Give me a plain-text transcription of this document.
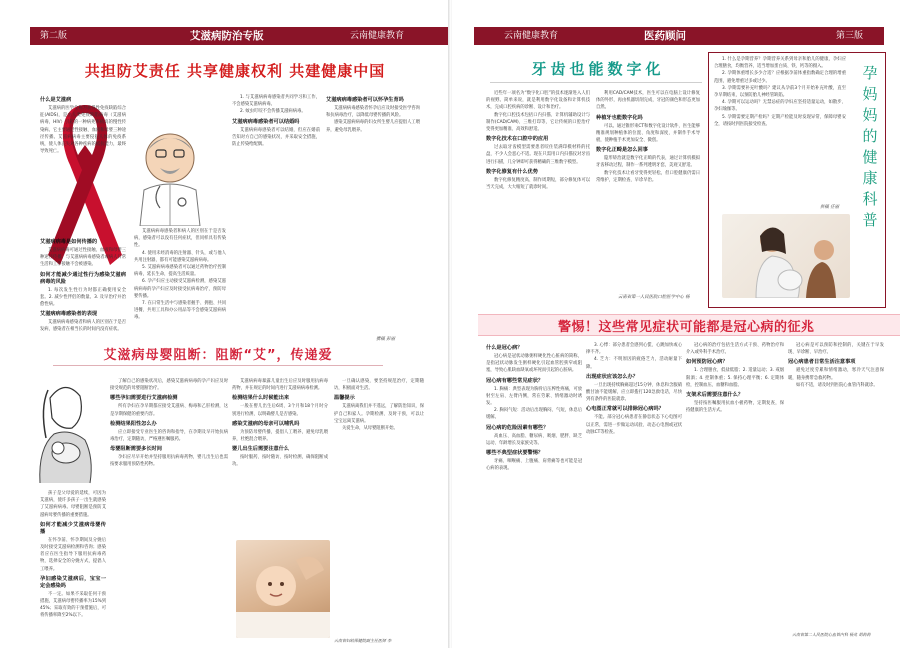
第二版	艾滋病防治专版	云南健康教育
共担防艾责任 共享健康权利 共建健康中国
什么是艾滋病

艾滋病的医学全称为获得性免疫缺陷综合征(AIDS)，是由人类免疫缺陷病毒（艾滋病病毒，HIV）引起的一种病死率极高的慢性传染病。它主要通过性接触、血液和母婴三种途径传播。艾滋病病毒主要侵犯人体的免疫系统，使人体丧失对各种疾病的抵抗能力，最终导致死亡。

艾滋病病毒是如何传播的

艾滋病病毒可通过性接触、血液和母婴三种途径传播。与艾滋病病毒感染者或病人日常生活和工作接触不会被感染。

如何才能减少通过性行为感染艾滋病病毒的风险

1. 每次发生性行为时都正确使用安全套。2. 减少性伴侣的数量。3. 及早治疗并治愈性病。

艾滋病病毒感染者的表现

艾滋病病毒感染者和病人的区别在于是否发病，感染者在相当长的时间内没有症状。

艾滋病病毒感染者和病人的区别在于是否发病，感染者可以没有任何症状，但同样具有传染性。

4. 使用未经消毒的注射器、针头，或与他人共用注射器，都有可能感染艾滋病病毒。

5. 艾滋病病毒感染者可以通过药物治疗控制病毒，延长生命，提高生活质量。

6. 孕产妇应主动接受艾滋病检测，感染艾滋病病毒的孕产妇应及时接受抗病毒治疗，预防母婴传播。

7. 在日常生活中与感染者握手、拥抱、共同进餐、共用工具和办公用品等不会感染艾滋病病毒。

1. 与艾滋病病毒感染者共同学习和工作，不会感染艾滋病病毒。

2. 蚊虫叮咬不会传播艾滋病病毒。

艾滋病病毒感染者可以结婚吗

艾滋病病毒感染者可以结婚，但应在婚前告知对方自己的感染状况，并采取安全措施，防止传染给配偶。

艾滋病病毒感染者可以怀孕生育吗

艾滋病病毒感染者怀孕后应及时接受医学咨询和抗病毒治疗，以降低母婴传播的风险。

感染艾滋病病毒的妇女所生婴儿应提倡人工喂养，避免母乳喂养。

撰稿 彭丽
艾滋病母婴阻断：阻断“艾”，传递爱

孩子是父母爱的延续，可因为艾滋病，使许多孩子一出生就感染了艾滋病病毒。母婴阻断是预防艾滋病母婴传播的重要措施。

如何才能减少艾滋病母婴传播

在怀孕前、怀孕期间及分娩后及时接受艾滋病检测和咨询；感染者应在医生指导下服用抗病毒药物，选择安全的分娩方式，提倡人工喂养。

孕妇感染艾滋病后，宝宝一定会感染吗

不一定。如果不采取任何干预措施，艾滋病母婴传播率为15%到45%；采取有效的干预措施后，可将传播率降至2%以下。

了解自己的感染状况后，感染艾滋病病毒的孕产妇应及时接受规范的母婴阻断治疗。

哪些孕妇需要进行艾滋病检测

所有孕妇在孕早期都应接受艾滋病、梅毒和乙肝检测，这是孕期保健的重要内容。

检测结果阳性怎么办

应立即接受专业医生的咨询和指导，在孕期及早开始抗病毒治疗，定期随访，严格遵医嘱服药。

母婴阻断需要多长时间

孕妇应尽早开始并坚持服用抗病毒药物，婴儿出生后也需按要求服用预防性药物。

艾滋病病毒暴露儿童出生后应及时服用抗病毒药物，并在规定的时间内进行艾滋病病毒检测。

检测结果什么时候能出来

一般在婴儿出生后6周、3个月和18个月时分别进行检测，以明确婴儿是否感染。

感染艾滋病的母亲可以哺乳吗

为预防母婴传播，提倡人工喂养，避免母乳喂养，杜绝混合喂养。

婴儿出生后需要注意什么

按时服药、按时随访、按时检测，确保阻断成功。

一旦确认感染，要坚持规范治疗，定期随访，积极面对生活。

温馨提示

艾滋病离我们并不遥远，了解防治知识，保护自己和家人。孕期检测、及时干预，可以让宝宝远离艾滋病。

关爱生命，从母婴阻断开始。

云南省妇幼保健院副主任医师 李
云南健康教育	医药顾问	第三版
牙齿也能数字化

近些年一项名为“数字化口腔”的技术逐渐进入人们的视野。简单来说，就是利用数字化设备和计算机技术，完成口腔疾病的诊断、设计和治疗。

数字化口腔技术包括口内扫描、计算机辅助设计与制作(CAD/CAM)、三维打印等，它让传统的口腔治疗变得更加精准、高效和舒适。

数字化技术在口腔中的应用

过去取牙齿模型需要患者咬住装满印模材料的托盘，不少人会恶心不适。现在只需用口内扫描仪对牙齿进行扫描，几分钟即可获得精确的三维数字模型。

数字化修复有什么优势

数字化修复精度高、制作周期短，部分修复体可以当天完成，大大缩短了就诊时间。

利用CAD/CAM技术，医生可以在电脑上设计修复体的外形，再由机器切削完成，牙冠的颜色和形态更加自然。

种植牙也能数字化吗

可以。通过锥形束CT和数字化设计软件，医生能够精准规划种植体的位置、角度和深度，并制作手术导板，使种植手术更加安全、微创。

数字化正畸是怎么回事

隐形矫治就是数字化正畸的代表，通过计算机模拟牙齿移动过程，制作一系列透明牙套，美观又舒适。

数字化技术让看牙变得更轻松，但口腔健康仍需日常维护，定期检查、早诊早治。

云南省第一人民医院口腔医学中心 杨

1. 什么是孕期营养？孕期营养关系到母亲和胎儿的健康，孕妇应合理膳食，均衡营养，适当增加蛋白质、铁、钙等的摄入。

2. 孕期体重增长多少合适？应根据孕前体重指数确定合理的增重范围，避免增重过多或过少。

3. 孕期需要补充叶酸吗？建议从孕前3个月开始补充叶酸，直至孕早期结束，以预防胎儿神经管缺陷。

4. 孕期可以运动吗？无禁忌症的孕妇应坚持适量运动，如散步、孕妇瑜伽等。

5. 孕期需要定期产检吗？定期产检能及时发现异常，保障母婴安全，请按时到医院接受检查。

供稿 任丽
孕
妈
妈
的
健
康
科
普
警惕！这些常见症状可能都是冠心病的征兆
什么是冠心病？

冠心病是冠状动脉粥样硬化性心脏病的简称，是指冠状动脉发生粥样硬化引起血管腔狭窄或阻塞，导致心肌缺血缺氧或坏死而引起的心脏病。

冠心病有哪些常见症状？

1. 胸痛：典型表现为胸骨后压榨性疼痛，可放射至左肩、左臂内侧，常在劳累、情绪激动时诱发。

2. 胸闷气短：活动后出现胸闷、气短，休息后缓解。

冠心病的危险因素有哪些？

高血压、高血脂、糖尿病、吸烟、肥胖、缺乏运动、年龄增长及家族史等。

哪些不典型症状要警惕？

牙痛、咽喉痛、上腹痛、肩背痛等也可能是冠心病的表现。

3. 心悸：部分患者会感到心慌、心跳加快或心律不齐。

4. 乏力：不明原因的疲倦乏力，活动耐量下降。

出现症状应该怎么办？

一旦出现持续胸痛超过15分钟、休息和含服硝酸甘油不能缓解，应立即拨打120急救电话，尽快到有条件的医院就诊。

心电图正常就可以排除冠心病吗？

不能。部分冠心病患者在静息状态下心电图可以正常，需进一步做运动试验、动态心电图或冠状动脉CT等检查。

冠心病的治疗包括生活方式干预、药物治疗和介入或外科手术治疗。

如何预防冠心病？

1. 合理膳食，低盐低脂；2. 适量运动；3. 戒烟限酒；4. 控制体重；5. 保持心理平衡；6. 定期体检，控制血压、血糖和血脂。

支架术后需要注意什么？

坚持按医嘱服用抗血小板药物，定期复查，保持健康的生活方式。

冠心病是可以预防和控制的，关键在于早发现、早诊断、早治疗。

冠心病患者日常生活注意事项

避免过度劳累和情绪激动，寒冷天气注意保暖，随身携带急救药物。

如有不适，请及时到医院心血管内科就诊。

云南省第二人民医院心血管内科 杨兆 胡莉莉
